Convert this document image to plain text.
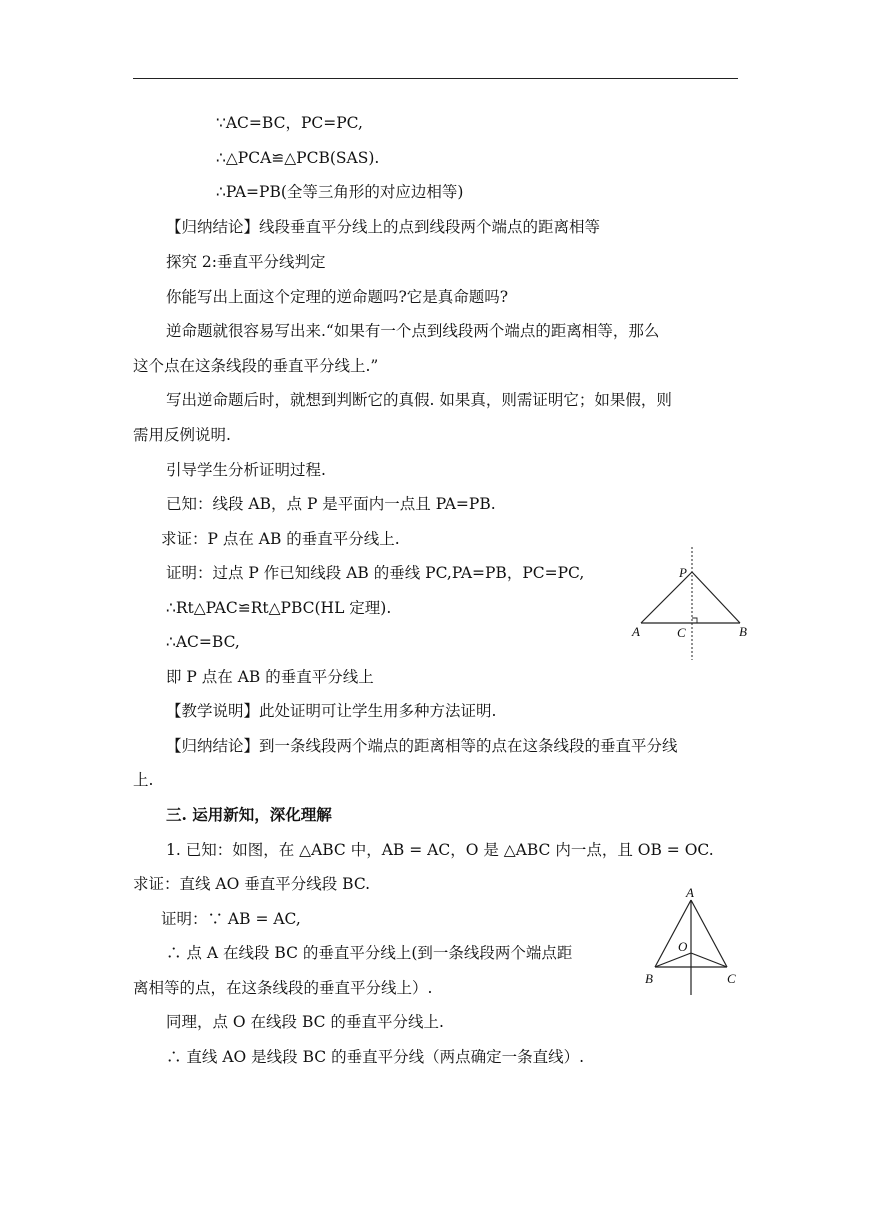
∵AC=BC，PC=PC,
∴△PCA≌△PCB(SAS).
∴PA=PB(全等三角形的对应边相等)
【归纳结论】线段垂直平分线上的点到线段两个端点的距离相等
探究 2:垂直平分线判定
你能写出上面这个定理的逆命题吗?它是真命题吗?
逆命题就很容易写出来.“如果有一个点到线段两个端点的距离相等，那么
这个点在这条线段的垂直平分线上.”
写出逆命题后时，就想到判断它的真假. 如果真，则需证明它；如果假，则
需用反例说明.
引导学生分析证明过程.
已知：线段 AB，点 P 是平面内一点且 PA=PB.
求证：P 点在 AB 的垂直平分线上.
证明：过点 P 作已知线段 AB 的垂线 PC,PA=PB，PC=PC,
∴Rt△PAC≌Rt△PBC(HL 定理).
∴AC=BC,
即 P 点在 AB 的垂直平分线上
【教学说明】此处证明可让学生用多种方法证明.
【归纳结论】到一条线段两个端点的距离相等的点在这条线段的垂直平分线
上.
三. 运用新知，深化理解
1. 已知：如图，在 △ABC 中，AB = AC，O 是 △ABC 内一点，且 OB = OC.
求证：直线 AO 垂直平分线段 BC.
证明：∵ AB = AC,
∴ 点 A 在线段 BC 的垂直平分线上(到一条线段两个端点距
离相等的点，在这条线段的垂直平分线上）.
同理，点 O 在线段 BC 的垂直平分线上.
∴ 直线 AO 是线段 BC 的垂直平分线（两点确定一条直线）.
P
A	C	B
A
O
B	C
